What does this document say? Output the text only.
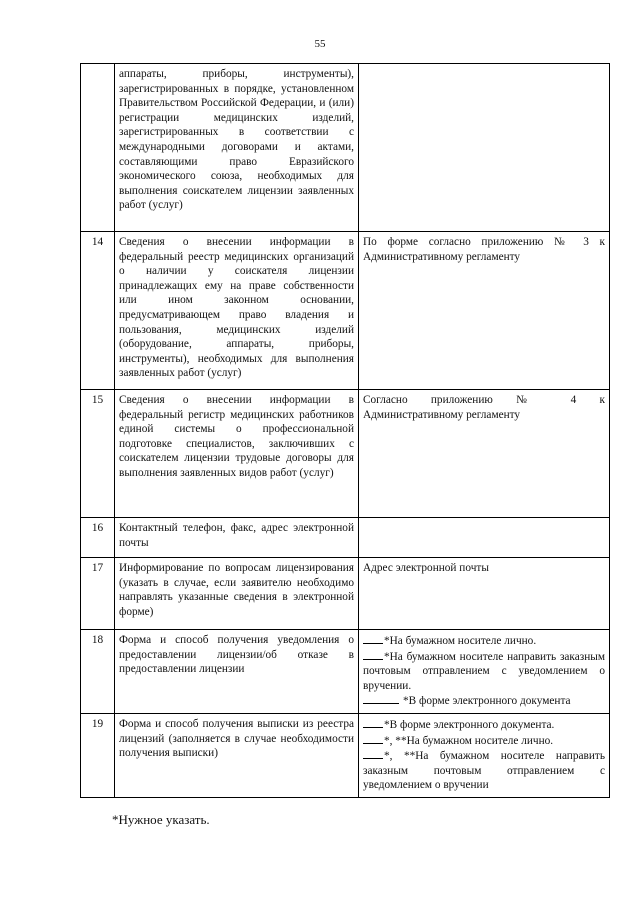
55
	аппараты, приборы, инструменты), зарегистрированных в порядке, установленном Правительством Российской Федерации, и (или) регистрации медицинских изделий, зарегистрированных в соответствии с международными договорами и актами, составляющими право Евразийского экономического союза, необходимых для выполнения соискателем лицензии заявленных работ (услуг)	
14	Сведения о внесении информации в федеральный реестр медицинских организаций о наличии у соискателя лицензии принадлежащих ему на праве собственности или ином законном основании, предусматривающем право владения и пользования, медицинских изделий (оборудование, аппараты, приборы, инструменты), необходимых для выполнения заявленных работ (услуг)	По форме согласно приложению № 3 к Административному регламенту
15	Сведения о внесении информации в федеральный регистр медицинских работников единой системы о профессиональной подготовке специалистов, заключивших с соискателем лицензии трудовые договоры для выполнения заявленных видов работ (услуг)	Согласно приложению № 4 к Административному регламенту
16	Контактный телефон, факс, адрес электронной почты	
17	Информирование по вопросам лицензирования (указать в случае, если заявителю необходимо направлять указанные сведения в электронной форме)	Адрес электронной почты
18	Форма и способ получения уведомления о предоставлении лицензии/об отказе в предоставлении лицензии	*На бумажном носителе лично.
*На бумажном носителе направить заказным почтовым отправлением с уведомлением о вручении.
*В форме электронного документа

19	Форма и способ получения выписки из реестра лицензий (заполняется в случае необходимости получения выписки)	*В форме электронного документа.
*, **На бумажном носителе лично.
*, **На бумажном носителе направить заказным почтовым отправлением с уведомлением о вручении
*Нужное указать.
